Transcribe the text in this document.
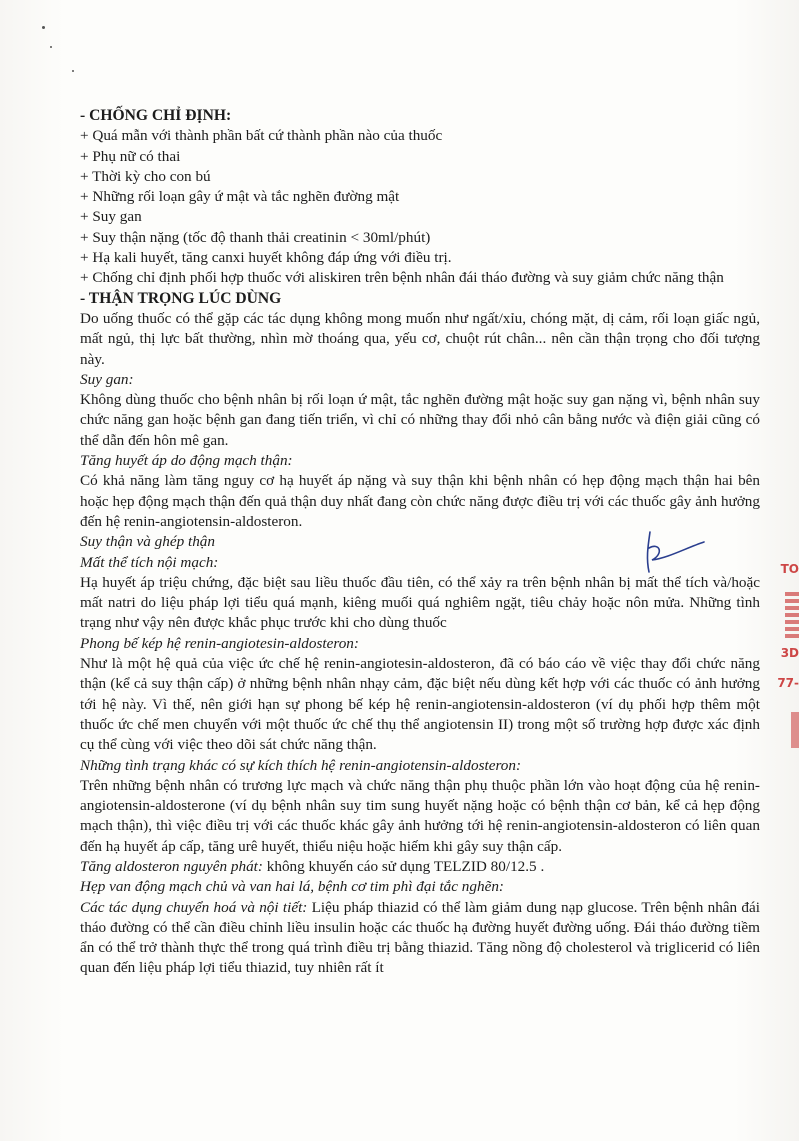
- CHỐNG CHỈ ĐỊNH:

+ Quá mẫn với thành phần bất cứ thành phần nào của thuốc

+ Phụ nữ có thai

+ Thời kỳ cho con bú

+ Những rối loạn gây ứ mật và tắc nghẽn đường mật

+ Suy gan

+ Suy thận nặng (tốc độ thanh thải creatinin < 30ml/phút)

+ Hạ kali huyết, tăng canxi huyết không đáp ứng với điều trị.

+ Chống chỉ định phối hợp thuốc với aliskiren trên bệnh nhân đái tháo đường và suy giảm chức năng thận

- THẬN TRỌNG LÚC DÙNG

Do uống thuốc có thể gặp các tác dụng không mong muốn như ngất/xỉu, chóng mặt, dị cảm, rối loạn giấc ngủ, mất ngủ, thị lực bất thường, nhìn mờ thoáng qua, yếu cơ, chuột rút chân... nên cần thận trọng cho đối tượng này.

Suy gan:

Không dùng thuốc cho bệnh nhân bị rối loạn ứ mật, tắc nghẽn đường mật hoặc suy gan nặng vì, bệnh nhân suy chức năng gan hoặc bệnh gan đang tiến triển, vì chỉ có những thay đổi nhỏ cân bằng nước và điện giải cũng có thể dẫn đến hôn mê gan.

Tăng huyết áp do động mạch thận:

Có khả năng làm tăng nguy cơ hạ huyết áp nặng và suy thận khi bệnh nhân có hẹp động mạch thận hai bên hoặc hẹp động mạch thận đến quả thận duy nhất đang còn chức năng được điều trị với các thuốc gây ảnh hưởng đến hệ renin-angiotensin-aldosteron.

Suy thận và ghép thận

Mất thể tích nội mạch:

Hạ huyết áp triệu chứng, đặc biệt sau liều thuốc đầu tiên, có thể xảy ra trên bệnh nhân bị mất thể tích và/hoặc mất natri do liệu pháp lợi tiểu quá mạnh, kiêng muối quá nghiêm ngặt, tiêu chảy hoặc nôn mửa. Những tình trạng như vậy nên được khắc phục trước khi cho dùng thuốc

Phong bế kép hệ renin-angiotesin-aldosteron:

Như là một hệ quả của việc ức chế hệ renin-angiotesin-aldosteron, đã có báo cáo về việc thay đổi chức năng thận (kể cả suy thận cấp) ở những bệnh nhân nhạy cảm, đặc biệt nếu dùng kết hợp với các thuốc có ảnh hưởng tới hệ này. Vì thế, nên giới hạn sự phong bế kép hệ renin-angiotensin-aldosteron (ví dụ phối hợp thêm một thuốc ức chế men chuyển với một thuốc ức chế thụ thể angiotensin II) trong một số trường hợp được xác định cụ thể cùng với việc theo dõi sát chức năng thận.

Những tình trạng khác có sự kích thích hệ renin-angiotensin-aldosteron:

Trên những bệnh nhân có trương lực mạch và chức năng thận phụ thuộc phần lớn vào hoạt động của hệ renin-angiotensin-aldosterone (ví dụ bệnh nhân suy tim sung huyết nặng hoặc có bệnh thận cơ bản, kể cả hẹp động mạch thận), thì việc điều trị với các thuốc khác gây ảnh hưởng tới hệ renin-angiotensin-aldosteron có liên quan đến hạ huyết áp cấp, tăng urê huyết, thiểu niệu hoặc hiếm khi gây suy thận cấp.

Tăng aldosteron nguyên phát: không khuyến cáo sử dụng TELZID 80/12.5 .

Hẹp van động mạch chủ và van hai lá, bệnh cơ tim phì đại tắc nghẽn:

Các tác dụng chuyển hoá và nội tiết: Liệu pháp thiazid có thể làm giảm dung nạp glucose. Trên bệnh nhân đái tháo đường có thể cần điều chỉnh liều insulin hoặc các thuốc hạ đường huyết đường uống. Đái tháo đường tiềm ẩn có thể trở thành thực thể trong quá trình điều trị bằng thiazid. Tăng nồng độ cholesterol và triglicerid có liên quan đến liệu pháp lợi tiểu thiazid, tuy nhiên rất ít

TO
3D
77-
